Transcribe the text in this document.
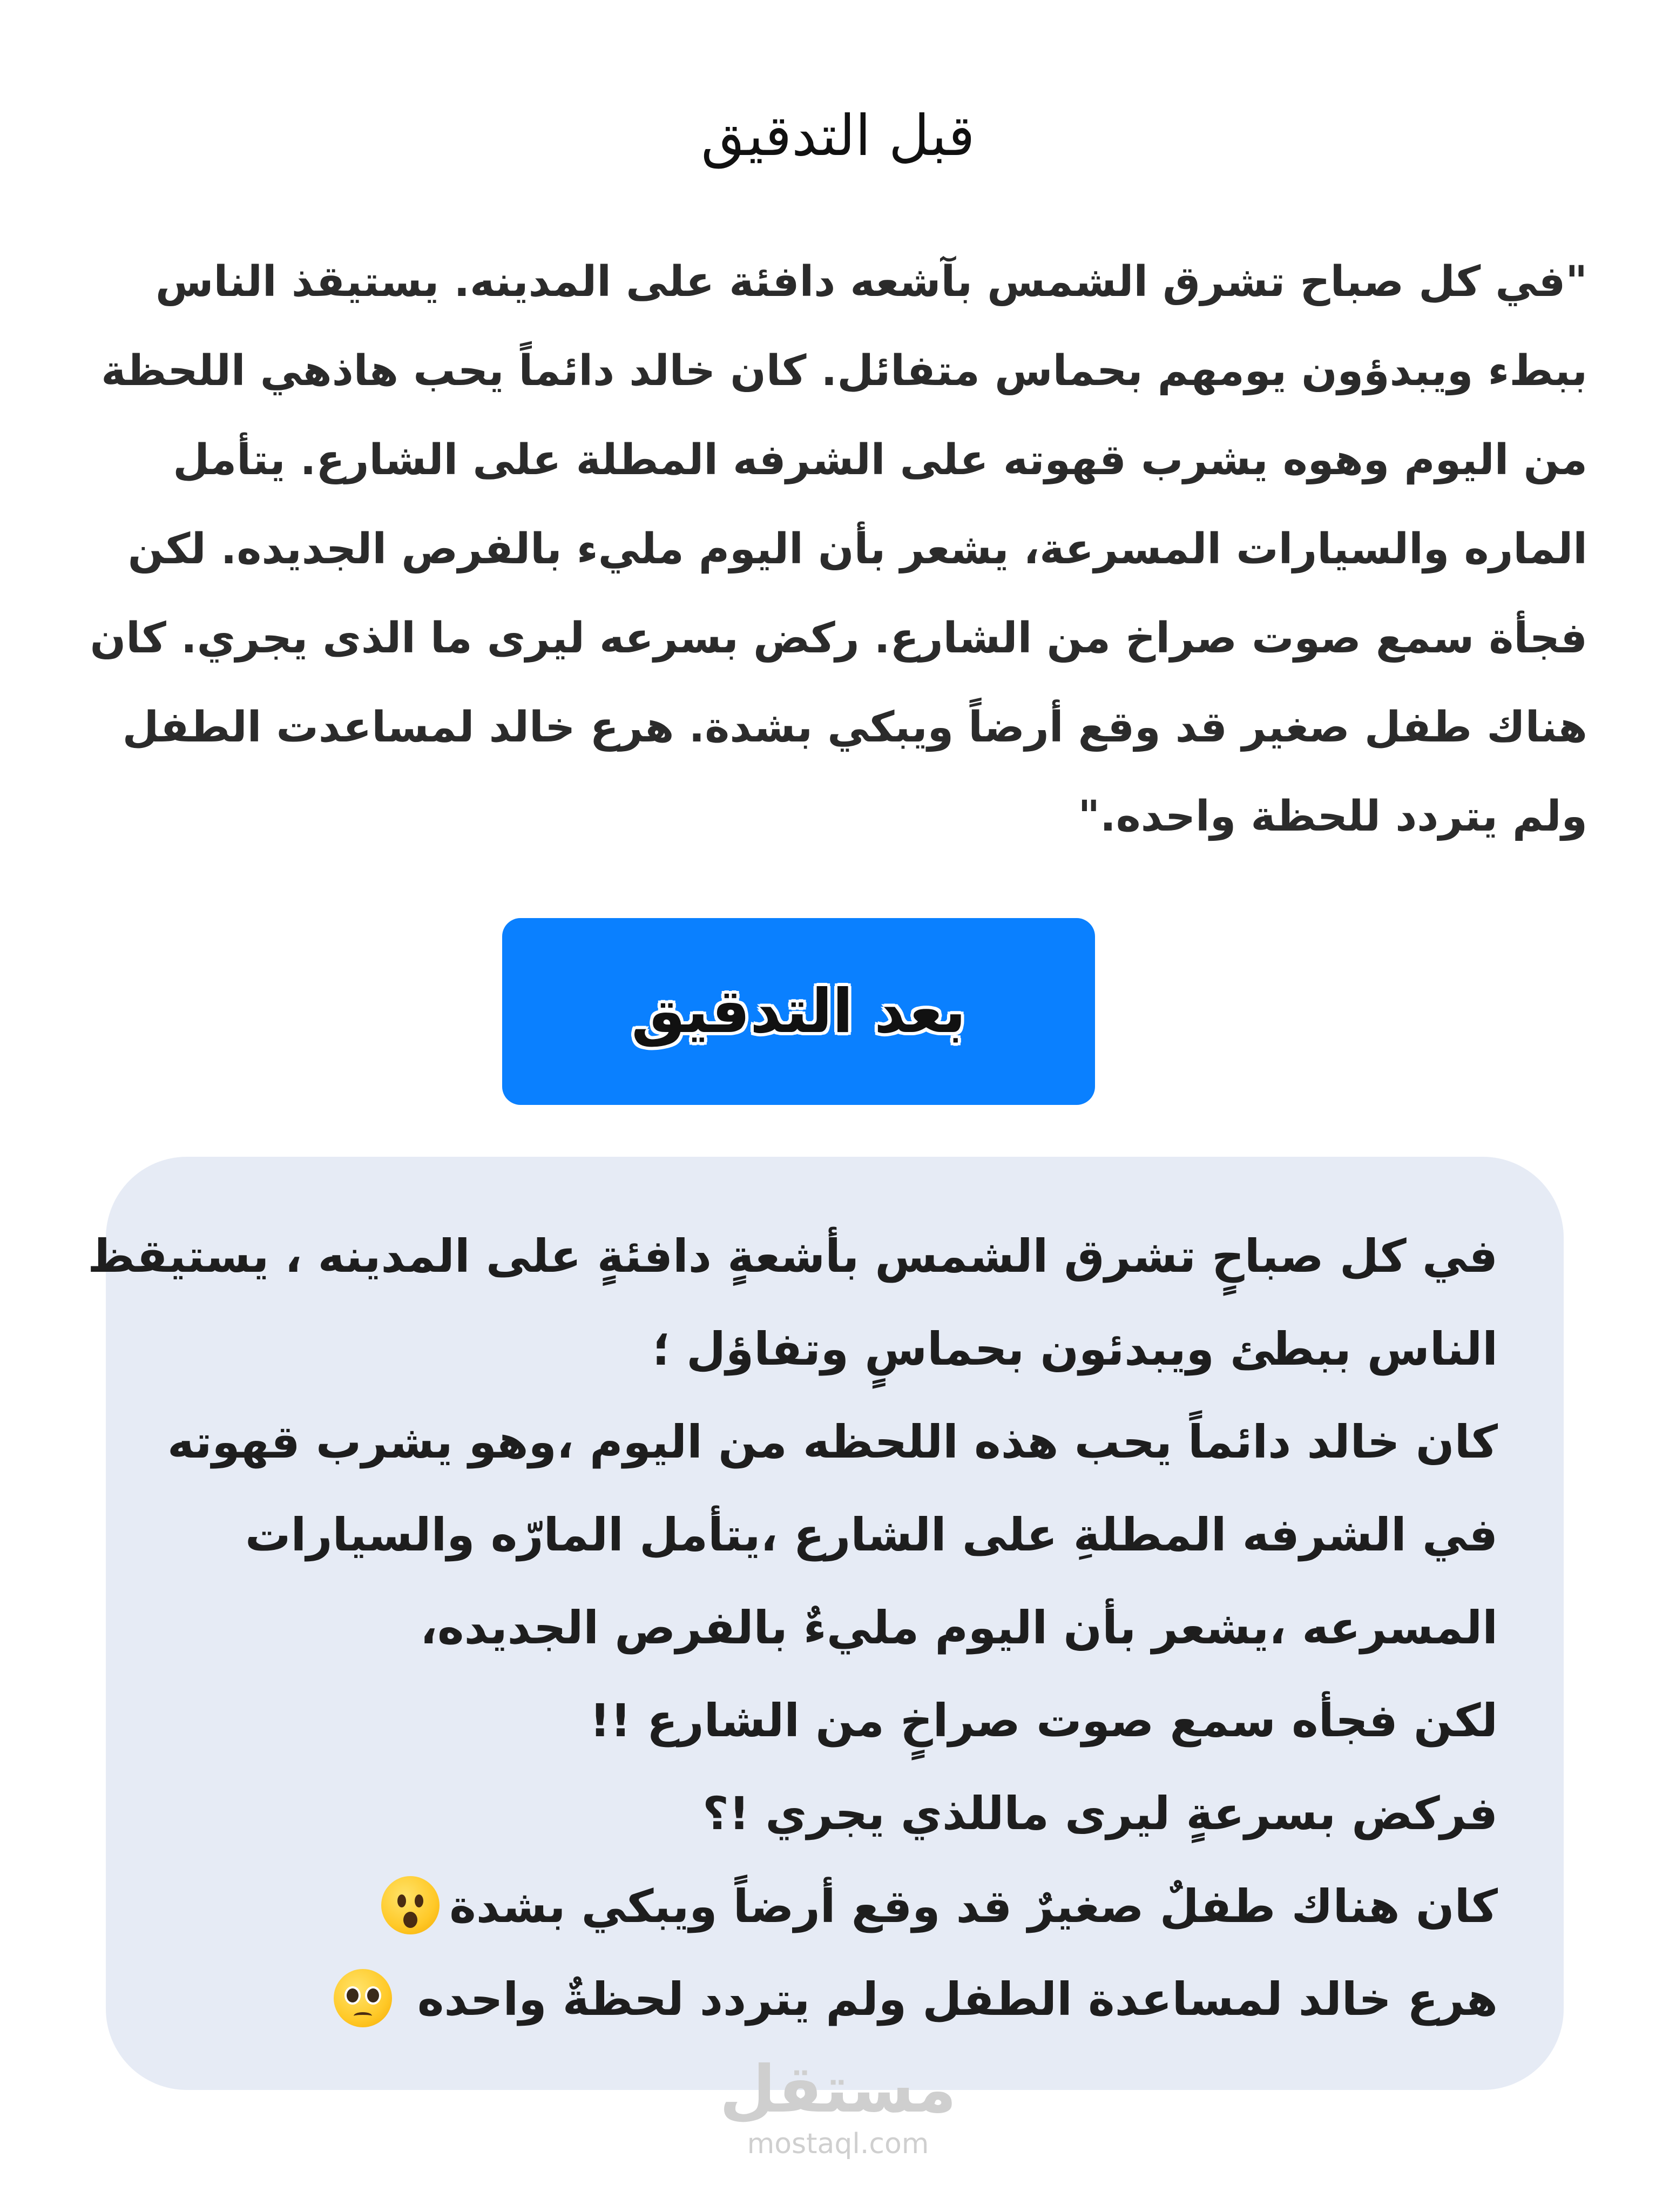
قبل التدقيق

"في كل صباح تشرق الشمس بآشعه دافئة على المدينه. يستيقذ الناس ببطء ويبدؤون يومهم بحماس متفائل. كان خالد دائماً يحب هاذهي اللحظة من اليوم وهوه يشرب قهوته على الشرفه المطلة على الشارع. يتأمل الماره والسيارات المسرعة، يشعر بأن اليوم مليء بالفرص الجديده. لكن فجأة سمع صوت صراخ من الشارع. ركض بسرعه ليرى ما الذى يجري. كان هناك طفل صغير قد وقع أرضاً ويبكي بشدة. هرع خالد لمساعدت الطفل ولم يتردد للحظة واحده."

بعد التدقيق
في كل صباحٍ تشرق الشمس بأشعةٍ دافئةٍ على المدينه ، يستيقظ
الناس ببطئ ويبدئون بحماسٍ وتفاؤل ؛
كان خالد دائماً يحب هذه اللحظه من اليوم ،وهو يشرب قهوته
في الشرفه المطلةِ على الشارع ،يتأمل المارّه والسيارات
المسرعه ،يشعر بأن اليوم مليءٌ بالفرص الجديده،
لكن فجأه سمع صوت صراخٍ من الشارع !!
فركض بسرعةٍ ليرى ماللذي يجري !؟
كان هناك طفلٌ صغيرٌ قد وقع أرضاً ويبكي بشدة
هرع خالد لمساعدة الطفل ولم يتردد لحظةٌ واحده
مستقل
mostaql.com
